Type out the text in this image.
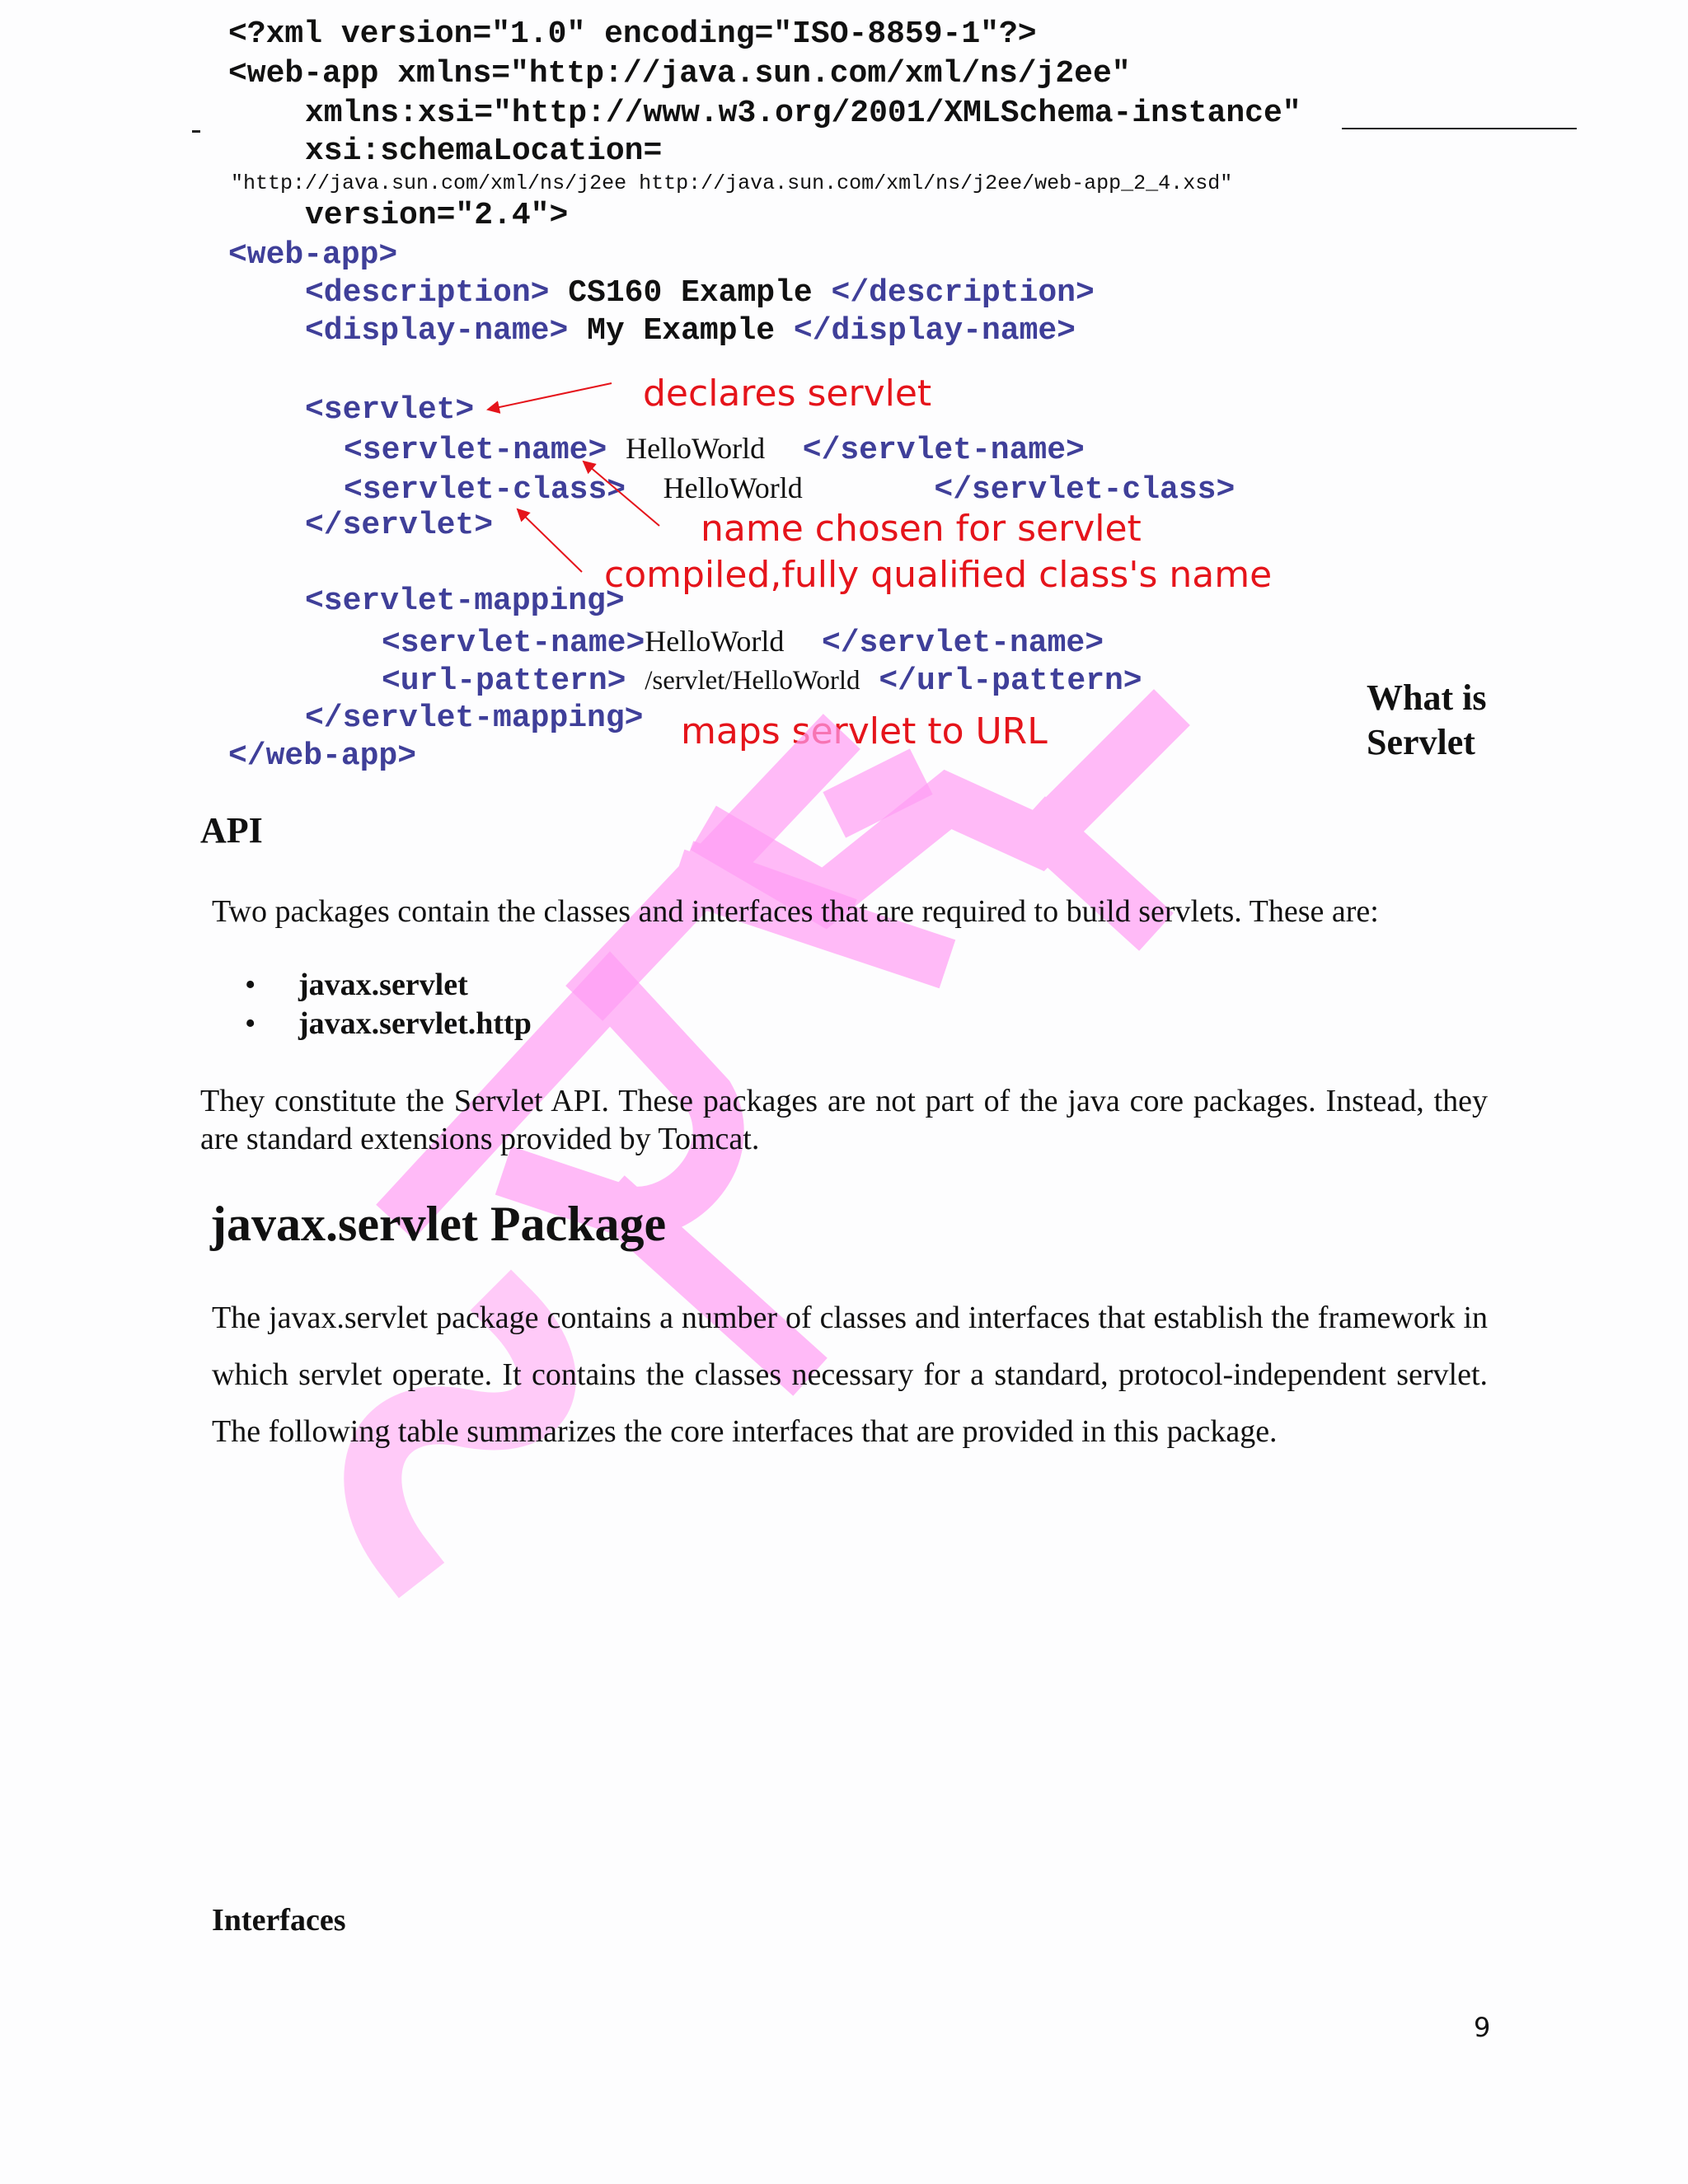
<?xml version="1.0" encoding="ISO-8859-1"?>
<web-app xmlns="http://java.sun.com/xml/ns/j2ee"
xmlns:xsi="http://www.w3.org/2001/XMLSchema-instance"
xsi:schemaLocation=
"http://java.sun.com/xml/ns/j2ee http://java.sun.com/xml/ns/j2ee/web-app_2_4.xsd"
version="2.4">
<web-app>
<description> CS160 Example </description>
<display-name> My Example </display-name>
<servlet>
<servlet-name> HelloWorld </servlet-name>
<servlet-class> HelloWorld	</servlet-class>
</servlet>
<servlet-mapping>
<servlet-name>HelloWorld </servlet-name>
<url-pattern> /servlet/HelloWorld </url-pattern>
</servlet-mapping>
</web-app>
declares servlet
name chosen for servlet
compiled,fully qualified class's name
maps servlet to URL
What is Servlet
API
Two packages contain the classes and interfaces that are required to build servlets. These are:
• javax.servlet
• javax.servlet.http
They constitute the Servlet API. These packages are not part of the java core packages. Instead, they are standard extensions provided by Tomcat.
javax.servlet Package
The javax.servlet package contains a number of classes and interfaces that establish the framework in which servlet operate. It contains the classes necessary for a standard, protocol-independent servlet. The following table summarizes the core interfaces that are provided in this package.
Interfaces
9
